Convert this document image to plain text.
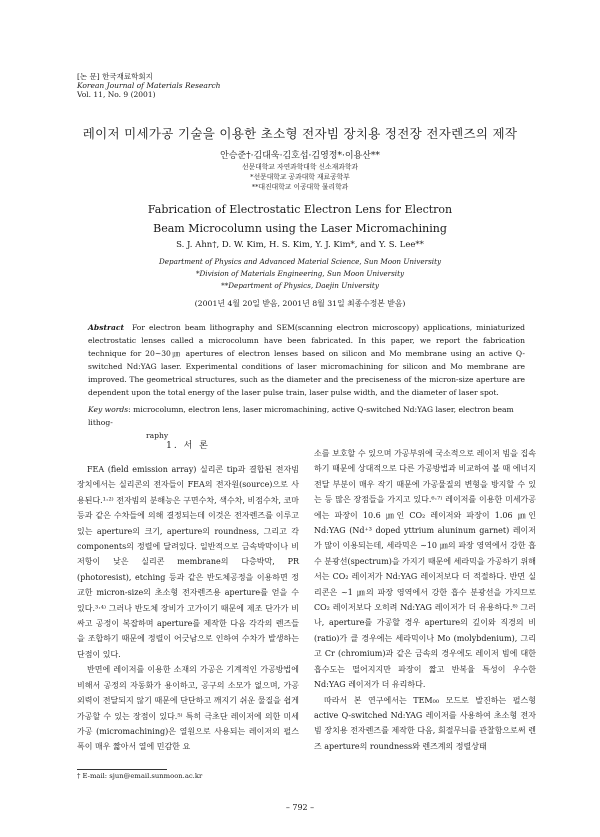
[논 문] 한국재료학회지
Korean Journal of Materials Research
Vol. 11, No. 9 (2001)
레이저 미세가공 기술을 이용한 초소형 전자빔 장치용 정전장 전자렌즈의 제작
안승준†·김대욱·김호섭·김영정*·이용산**
선문대학교 자연과학대학 신소재과학과
*선문대학교 공과대학 재료공학부
**대진대학교 이공대학 물리학과
Fabrication of Electrostatic Electron Lens for Electron
Beam Microcolumn using the Laser Micromachining
S. J. Ahn†, D. W. Kim, H. S. Kim, Y. J. Kim*, and Y. S. Lee**
Department of Physics and Advanced Material Science, Sun Moon University
*Division of Materials Engineering, Sun Moon University
**Department of Physics, Daejin University
(2001년 4월 20일 받음, 2001년 8월 31일 최종수정본 받음)
Abstract For electron beam lithography and SEM(scanning electron microscopy) applications, miniaturized electrostatic lenses called a microcolumn have been fabricated. In this paper, we report the fabrication technique for 20~30㎛ apertures of electron lenses based on silicon and Mo membrane using an active Q-switched Nd:YAG laser. Experimental conditions of laser micromachining for silicon and Mo membrane are improved. The geometrical structures, such as the diameter and the preciseness of the micron-size aperture are dependent upon the total energy of the laser pulse train, laser pulse width, and the diameter of laser spot.
Key words: microcolumn, electron lens, laser micromachining, active Q-switched Nd:YAG laser, electron beam lithog-
raphy
1. 서 론

FEA (field emission array) 실리콘 tip과 결합된 전자빔 장치에서는 실리콘의 전자들이 FEA의 전자원(source)으로 사용된다.¹·²⁾ 전자빔의 분해능은 구면수차, 색수차, 비점수차, 코마 등과 같은 수차들에 의해 결정되는데 이것은 전자렌즈를 이루고 있는 aperture의 크기, aperture의 roundness, 그리고 각 components의 정렬에 달려있다. 일반적으로 금속박막이나 비저항이 낮은 실리콘 membrane의 다층박막, PR (photoresist), etching 등과 같은 반도체공정을 이용하면 정교한 micron-size의 초소형 전자렌즈용 aperture를 얻을 수 있다.³·⁴⁾ 그러나 반도체 장비가 고가이기 때문에 제조 단가가 비싸고 공정이 복잡하며 aperture를 제작한 다음 각각의 렌즈들을 조합하기 때문에 정렬이 어긋남으로 인하여 수차가 발생하는 단점이 있다.

반면에 레이저를 이용한 소재의 가공은 기계적인 가공방법에 비해서 공정의 자동화가 용이하고, 공구의 소모가 없으며, 가공 외력이 전달되지 않기 때문에 단단하고 깨지기 쉬운 물질을 쉽게 가공할 수 있는 장점이 있다.⁵⁾ 특히 극초단 레이저에 의한 미세가공 (micromachining)은 열원으로 사용되는 레이저의 펄스 폭이 매우 짧아서 열에 민감한 요

소를 보호할 수 있으며 가공부위에 국소적으로 레이저 빔을 집속하기 때문에 상대적으로 다른 가공방법과 비교하여 볼 때 에너지 전달 부분이 매우 작기 때문에 가공물질의 변형을 방지할 수 있는 등 많은 장점들을 가지고 있다.⁶·⁷⁾ 레이저를 이용한 미세가공에는 파장이 10.6 ㎛인 CO₂ 레이저와 파장이 1.06 ㎛인 Nd:YAG (Nd⁺³ doped yttrium aluninum garnet) 레이저가 많이 이용되는데, 세라믹은 ~10 ㎛의 파장 영역에서 강한 흡수 분광선(spectrum)을 가지기 때문에 세라믹을 가공하기 위해서는 CO₂ 레이저가 Nd:YAG 레이저보다 더 적절하다. 반면 실리콘은 ~1 ㎛의 파장 영역에서 강한 흡수 분광선을 가지므로 CO₂ 레이저보다 오히려 Nd:YAG 레이저가 더 유용하다.⁸⁾ 그러나, aperture를 가공할 경우 aperture의 깊이와 직경의 비(ratio)가 클 경우에는 세라믹이나 Mo (molybdenium), 그리고 Cr (chromium)과 같은 금속의 경우에도 레이저 빔에 대한 흡수도는 떨어지지만 파장이 짧고 반복율 특성이 우수한 Nd:YAG 레이저가 더 유리하다.

따라서 본 연구에서는 TEM₀₀ 모드로 발진하는 펄스형 active Q-switched Nd:YAG 레이저를 사용하여 초소형 전자빔 장치용 전자렌즈를 제작한 다음, 회절무늬를 관찰함으로써 렌즈 aperture의 roundness와 렌즈계의 정렬상태

† E-mail: sjun@email.sunmoon.ac.kr
– 792 –
